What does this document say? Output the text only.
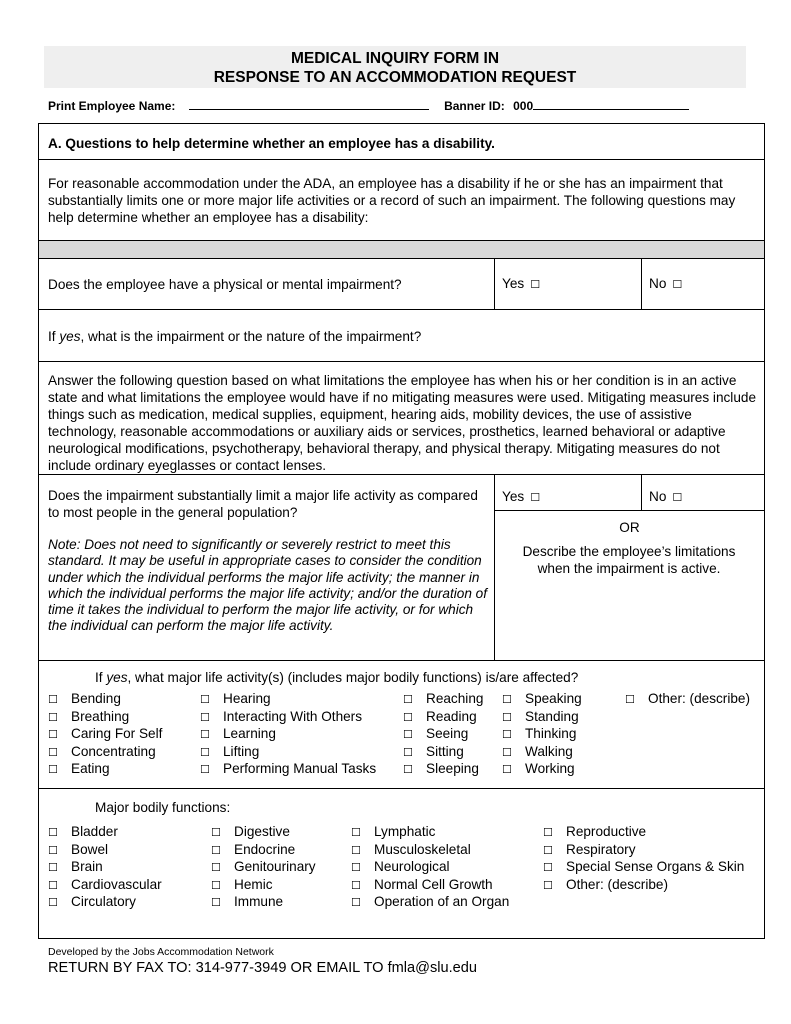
MEDICAL INQUIRY FORM IN
RESPONSE TO AN ACCOMMODATION REQUEST
Print Employee Name:	Banner ID: 000
A. Questions to help determine whether an employee has a disability.
For reasonable accommodation under the ADA, an employee has a disability if he or she has an impairment that substantially limits one or more major life activities or a record of such an impairment. The following questions may help determine whether an employee has a disability:
Does the employee have a physical or mental impairment?	Yes ☐	No ☐
If yes, what is the impairment or the nature of the impairment?
Answer the following question based on what limitations the employee has when his or her condition is in an active state and what limitations the employee would have if no mitigating measures were used. Mitigating measures include things such as medication, medical supplies, equipment, hearing aids, mobility devices, the use of assistive technology, reasonable accommodations or auxiliary aids or services, prosthetics, learned behavioral or adaptive neurological modifications, psychotherapy, behavioral therapy, and physical therapy. Mitigating measures do not include ordinary eyeglasses or contact lenses.
Does the impairment substantially limit a major life activity as compared to most people in the general population?
Note: Does not need to significantly or severely restrict to meet this standard. It may be useful in appropriate cases to consider the condition under which the individual performs the major life activity; the manner in which the individual performs the major life activity; and/or the duration of time it takes the individual to perform the major life activity, or for which the individual can perform the major life activity.
Yes ☐	No ☐
OR
Describe the employee’s limitations when the impairment is active.
If yes, what major life activity(s) (includes major bodily functions) is/are affected?
☐ Bending
☐ Breathing
☐ Caring For Self
☐ Concentrating
☐ Eating
☐ Hearing
☐ Interacting With Others
☐ Learning
☐ Lifting
☐ Performing Manual Tasks
☐ Reaching
☐ Reading
☐ Seeing
☐ Sitting
☐ Sleeping
☐ Speaking
☐ Standing
☐ Thinking
☐ Walking
☐ Working
☐ Other: (describe)
Major bodily functions:
☐ Bladder
☐ Bowel
☐ Brain
☐ Cardiovascular
☐ Circulatory
☐ Digestive
☐ Endocrine
☐ Genitourinary
☐ Hemic
☐ Immune
☐ Lymphatic
☐ Musculoskeletal
☐ Neurological
☐ Normal Cell Growth
☐ Operation of an Organ
☐ Reproductive
☐ Respiratory
☐ Special Sense Organs & Skin
☐ Other: (describe)
Developed by the Jobs Accommodation Network
RETURN BY FAX TO: 314-977-3949 OR EMAIL TO fmla@slu.edu
